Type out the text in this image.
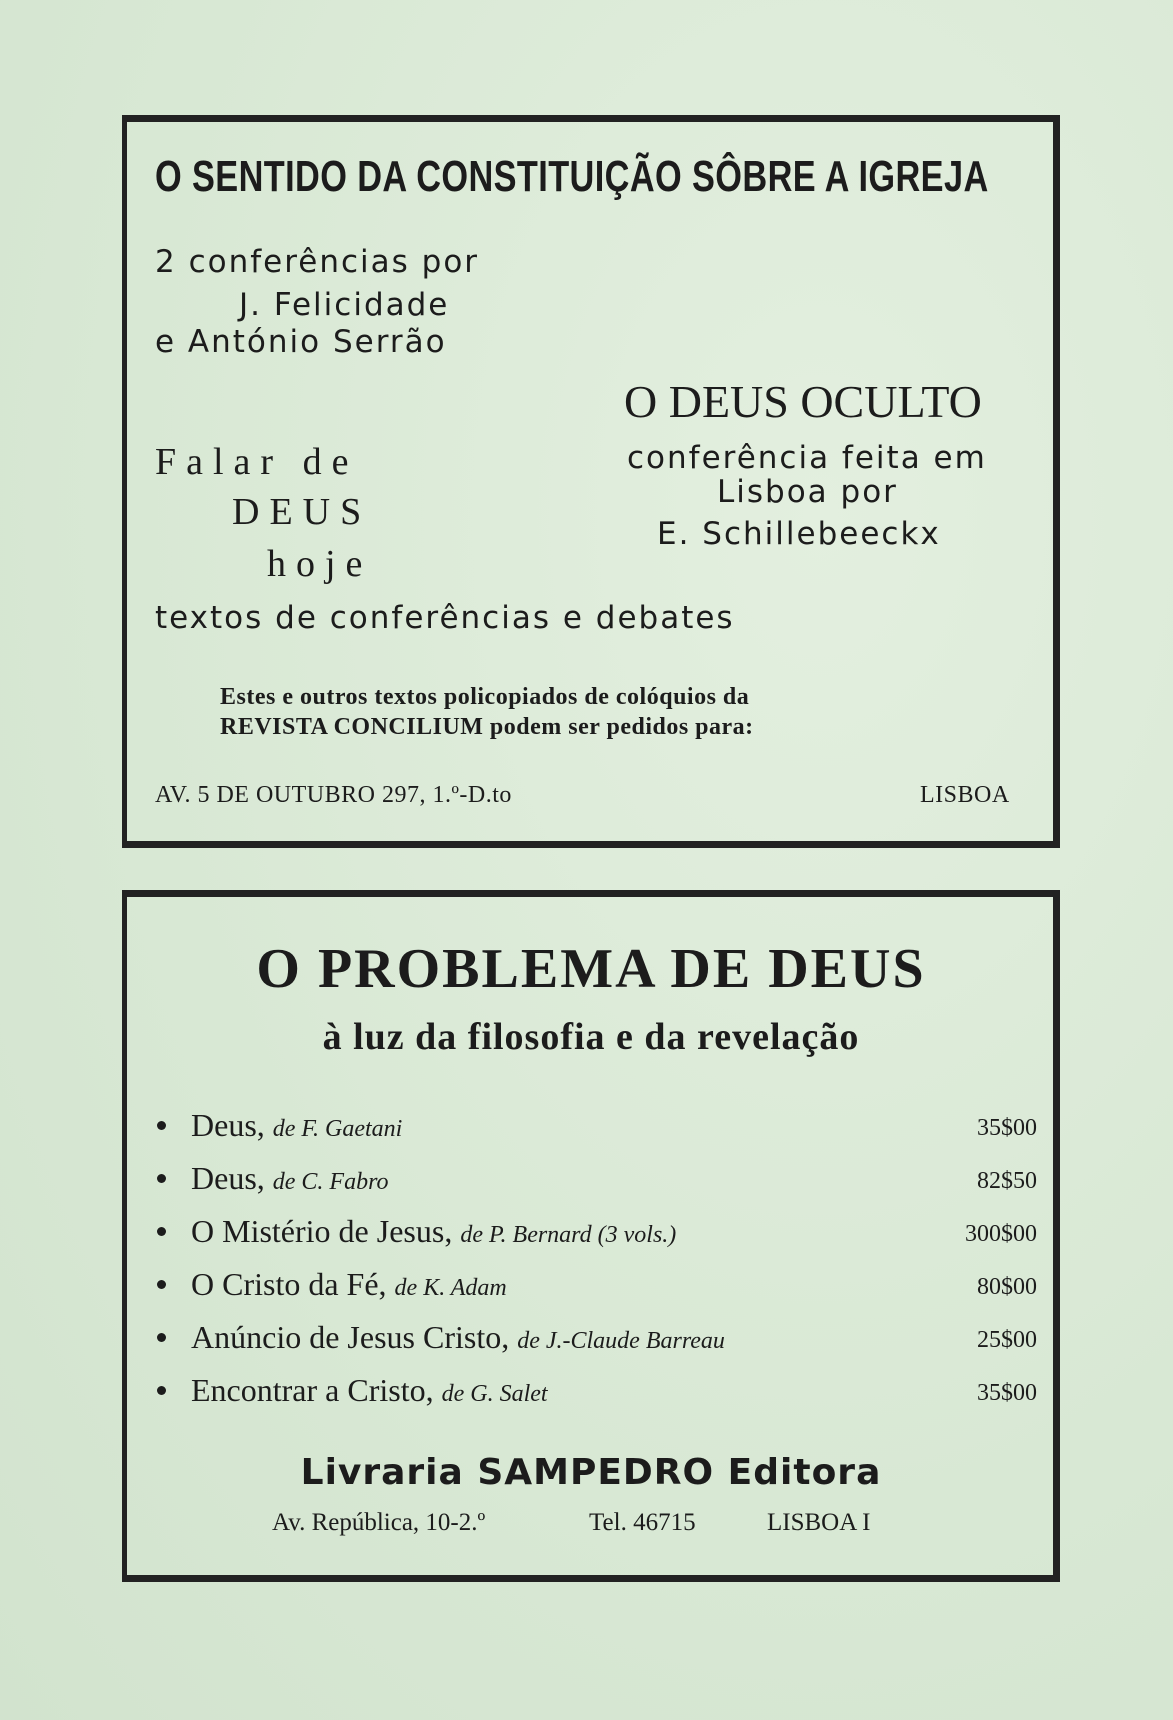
O SENTIDO DA CONSTITUIÇÃO SÔBRE A IGREJA
2 conferências por
J. Felicidade
e António Serrão
Falar de
DEUS
hoje
O DEUS OCULTO
conferência feita em
Lisboa por
E. Schillebeeckx
textos de conferências e debates
Estes e outros textos policopiados de colóquios da
REVISTA CONCILIUM podem ser pedidos para:
AV. 5 DE OUTUBRO 297, 1.º-D.to	LISBOA
O PROBLEMA DE DEUS
à luz da filosofia e da revelação
Deus, de F. Gaetani	35$00
Deus, de C. Fabro	82$50
O Mistério de Jesus, de P. Bernard (3 vols.)	300$00
O Cristo da Fé, de K. Adam	80$00
Anúncio de Jesus Cristo, de J.-Claude Barreau	25$00
Encontrar a Cristo, de G. Salet	35$00
Livraria SAMPEDRO Editora
Av. República, 10-2.º	Tel. 46715	LISBOA I
